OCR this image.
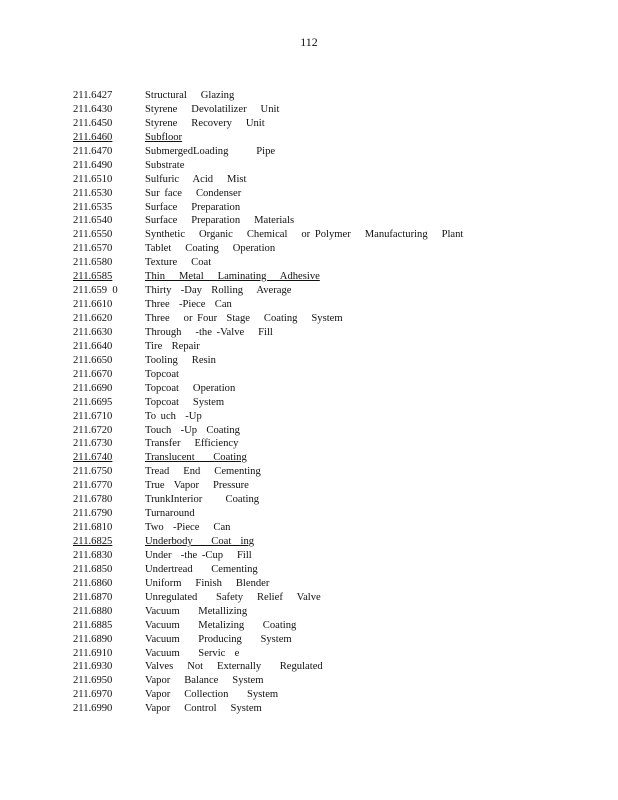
112
211.6427	Structural   Glazing
211.6430	Styrene   Devolatilizer   Unit
211.6450	Styrene   Recovery   Unit
211.6460	Subfloor
211.6470	SubmergedLoading      Pipe
211.6490	Substrate
211.6510	Sulfuric   Acid   Mist
211.6530	Sur face   Condenser
211.6535	Surface   Preparation
211.6540	Surface   Preparation   Materials
211.6550	Synthetic   Organic   Chemical   or Polymer   Manufacturing   Plant
211.6570	Tablet   Coating   Operation
211.6580	Texture   Coat
211.6585	Thin   Metal   Laminating   Adhesive
211.659  0	Thirty  -Day  Rolling   Average
211.6610	Three  -Piece  Can
211.6620	Three   or Four  Stage   Coating   System
211.6630	Through   -the -Valve   Fill
211.6640	Tire  Repair
211.6650	Tooling   Resin
211.6670	Topcoat
211.6690	Topcoat   Operation
211.6695	Topcoat   System
211.6710	To uch  -Up
211.6720	Touch  -Up  Coating
211.6730	Transfer   Efficiency
211.6740	Translucent    Coating
211.6750	Tread   End   Cementing
211.6770	True  Vapor   Pressure
211.6780	TrunkInterior     Coating
211.6790	Turnaround
211.6810	Two  -Piece   Can
211.6825	Underbody    Coat  ing
211.6830	Under  -the -Cup   Fill
211.6850	Undertread    Cementing
211.6860	Uniform   Finish   Blender
211.6870	Unregulated    Safety   Relief   Valve
211.6880	Vacuum    Metallizing
211.6885	Vacuum    Metalizing    Coating
211.6890	Vacuum    Producing    System
211.6910	Vacuum    Servic  e
211.6930	Valves   Not   Externally    Regulated
211.6950	Vapor   Balance   System
211.6970	Vapor   Collection    System
211.6990	Vapor   Control   System
